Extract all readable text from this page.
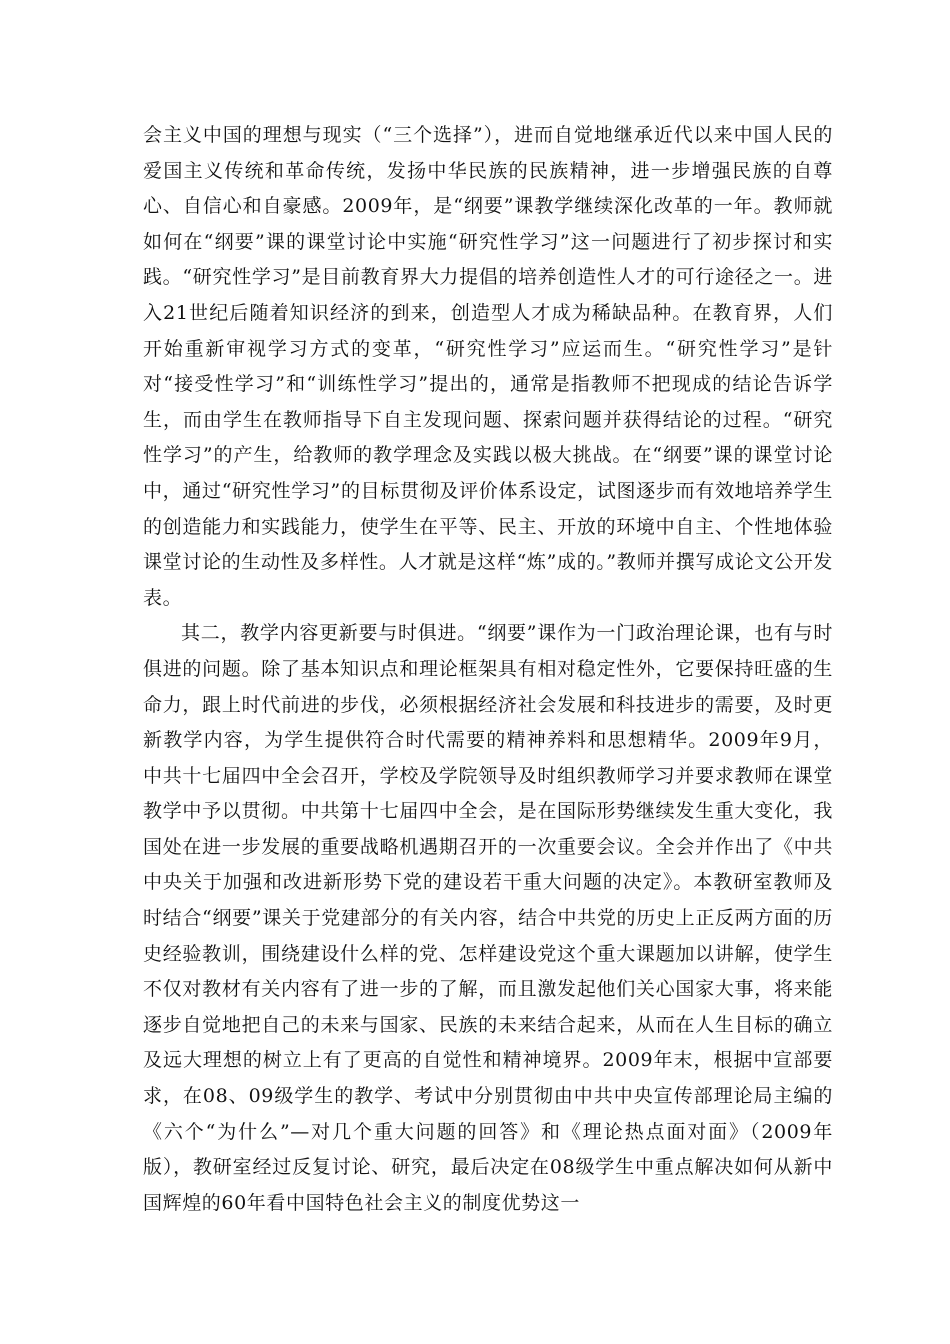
会主义中国的理想与现实（“三个选择”），进而自觉地继承近代以来中国人民的爱国主义传统和革命传统，发扬中华民族的民族精神，进一步增强民族的自尊心、自信心和自豪感。2009年，是“纲要”课教学继续深化改革的一年。教师就如何在“纲要”课的课堂讨论中实施“研究性学习”这一问题进行了初步探讨和实践。“研究性学习”是目前教育界大力提倡的培养创造性人才的可行途径之一。进入21世纪后随着知识经济的到来，创造型人才成为稀缺品种。在教育界，人们开始重新审视学习方式的变革，“研究性学习”应运而生。“研究性学习”是针对“接受性学习”和“训练性学习”提出的，通常是指教师不把现成的结论告诉学生，而由学生在教师指导下自主发现问题、探索问题并获得结论的过程。“研究性学习”的产生，给教师的教学理念及实践以极大挑战。在“纲要”课的课堂讨论中，通过“研究性学习”的目标贯彻及评价体系设定，试图逐步而有效地培养学生的创造能力和实践能力，使学生在平等、民主、开放的环境中自主、个性地体验课堂讨论的生动性及多样性。人才就是这样“炼”成的。”教师并撰写成论文公开发表。

其二，教学内容更新要与时俱进。“纲要”课作为一门政治理论课，也有与时俱进的问题。除了基本知识点和理论框架具有相对稳定性外，它要保持旺盛的生命力，跟上时代前进的步伐，必须根据经济社会发展和科技进步的需要，及时更新教学内容，为学生提供符合时代需要的精神养料和思想精华。2009年9月，中共十七届四中全会召开，学校及学院领导及时组织教师学习并要求教师在课堂教学中予以贯彻。中共第十七届四中全会，是在国际形势继续发生重大变化，我国处在进一步发展的重要战略机遇期召开的一次重要会议。全会并作出了《中共中央关于加强和改进新形势下党的建设若干重大问题的决定》。本教研室教师及时结合“纲要”课关于党建部分的有关内容，结合中共党的历史上正反两方面的历史经验教训，围绕建设什么样的党、怎样建设党这个重大课题加以讲解，使学生不仅对教材有关内容有了进一步的了解，而且激发起他们关心国家大事，将来能逐步自觉地把自己的未来与国家、民族的未来结合起来，从而在人生目标的确立及远大理想的树立上有了更高的自觉性和精神境界。2009年末，根据中宣部要求，在08、09级学生的教学、考试中分别贯彻由中共中央宣传部理论局主编的《六个“为什么”—对几个重大问题的回答》和《理论热点面对面》（2009年版），教研室经过反复讨论、研究，最后决定在08级学生中重点解决如何从新中国辉煌的60年看中国特色社会主义的制度优势这一
